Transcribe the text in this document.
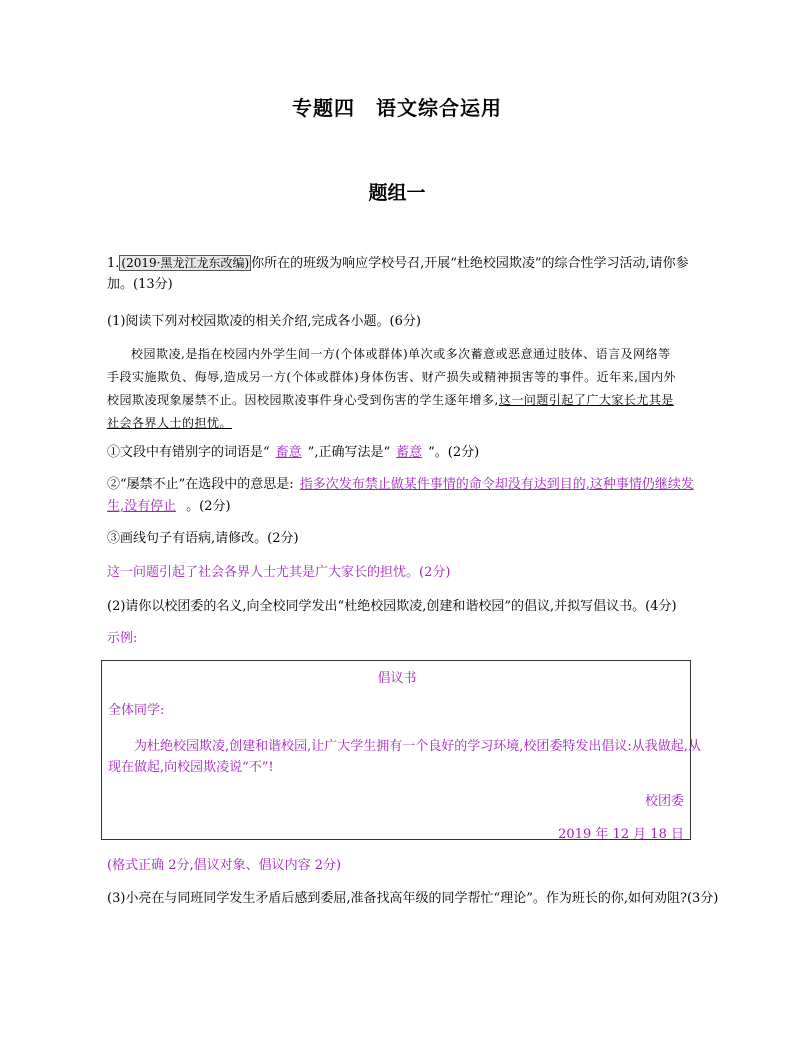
专题四　语文综合运用
题组一
1. (2019·黑龙江龙东改编) 你所在的班级为响应学校号召,开展“杜绝校园欺凌”的综合性学习活动,请你参
加。(13分)
(1)阅读下列对校园欺凌的相关介绍,完成各小题。(6分)
校园欺凌,是指在校园内外学生间一方(个体或群体)单次或多次蓄意或恶意通过肢体、语言及网络等
手段实施欺负、侮辱,造成另一方(个体或群体)身体伤害、财产损失或精神损害等的事件。近年来,国内外
校园欺凌现象屡禁不止。因校园欺凌事件身心受到伤害的学生逐年增多,这一问题引起了广大家长尤其是
社会各界人士的担忧。
①文段中有错别字的词语是“ 畜意 ”,正确写法是“ 蓄意 ”。(2分)
②“屡禁不止”在选段中的意思是: 指多次发布禁止做某件事情的命令却没有达到目的,这种事情仍继续发
生,没有停止 。(2分)
③画线句子有语病,请修改。(2分)
这一问题引起了社会各界人士尤其是广大家长的担忧。(2分)
(2)请你以校团委的名义,向全校同学发出“杜绝校园欺凌,创建和谐校园”的倡议,并拟写倡议书。(4分)
示例:
倡议书
全体同学:
为杜绝校园欺凌,创建和谐校园,让广大学生拥有一个良好的学习环境,校团委特发出倡议:从我做起,从
现在做起,向校园欺凌说“不”!
校团委
2019 年 12 月 18 日
(格式正确 2分,倡议对象、倡议内容 2分)
(3)小亮在与同班同学发生矛盾后感到委屈,准备找高年级的同学帮忙“理论”。作为班长的你,如何劝阻?(3分)
